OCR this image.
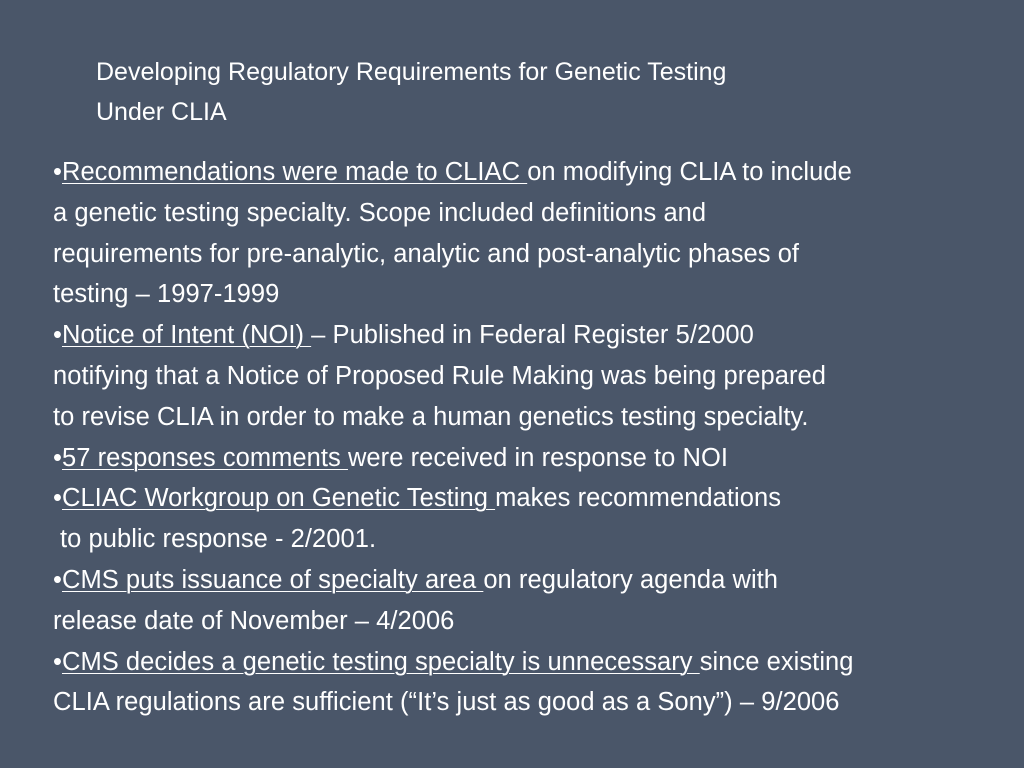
Developing Regulatory Requirements for Genetic Testing
Under CLIA
•Recommendations were made to CLIAC on modifying CLIA to include
a genetic testing specialty. Scope included definitions and
requirements for pre-analytic, analytic and post-analytic phases of
testing – 1997-1999
•Notice of Intent (NOI) – Published in Federal Register 5/2000
notifying that a Notice of Proposed Rule Making was being prepared
to revise CLIA in order to make a human genetics testing specialty.
•57 responses comments were received in response to NOI
•CLIAC Workgroup on Genetic Testing makes recommendations
to public response - 2/2001.
•CMS puts issuance of specialty area on regulatory agenda with
release date of November – 4/2006
•CMS decides a genetic testing specialty is unnecessary since existing
CLIA regulations are sufficient (“It’s just as good as a Sony”) – 9/2006
